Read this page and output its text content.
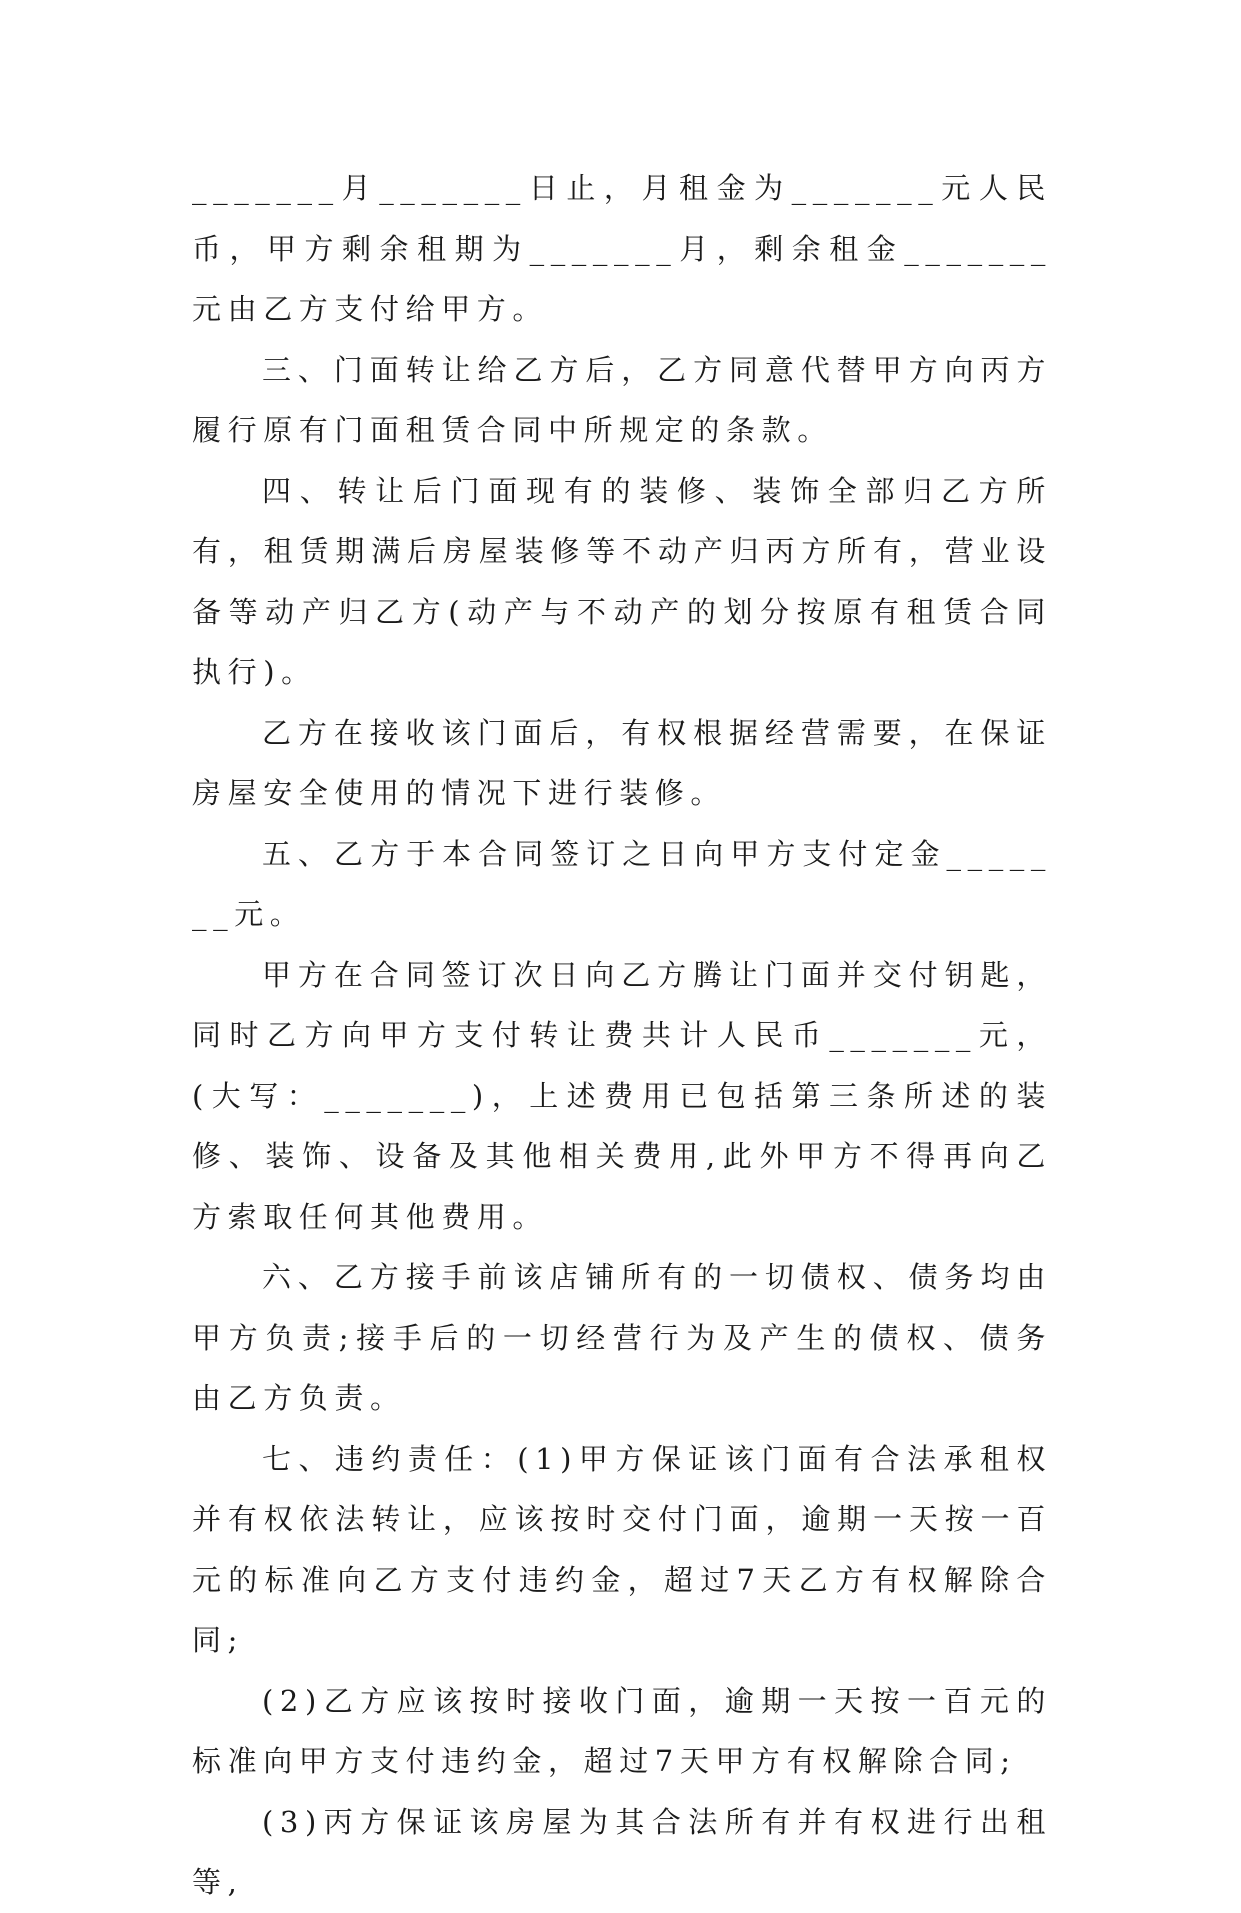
_______月_______日止，月租金为_______元人民币，甲方剩余租期为_______月，剩余租金_______元由乙方支付给甲方。

三、门面转让给乙方后，乙方同意代替甲方向丙方履行原有门面租赁合同中所规定的条款。

四、转让后门面现有的装修、装饰全部归乙方所有，租赁期满后房屋装修等不动产归丙方所有，营业设备等动产归乙方(动产与不动产的划分按原有租赁合同执行)。

乙方在接收该门面后，有权根据经营需要，在保证房屋安全使用的情况下进行装修。

五、乙方于本合同签订之日向甲方支付定金_______元。

甲方在合同签订次日向乙方腾让门面并交付钥匙，同时乙方向甲方支付转让费共计人民币_______元，(大写：_______)，上述费用已包括第三条所述的装修、装饰、设备及其他相关费用,此外甲方不得再向乙方索取任何其他费用。

六、乙方接手前该店铺所有的一切债权、债务均由甲方负责;接手后的一切经营行为及产生的债权、债务由乙方负责。

七、违约责任：(1)甲方保证该门面有合法承租权并有权依法转让，应该按时交付门面，逾期一天按一百元的标准向乙方支付违约金，超过7天乙方有权解除合同;

(2)乙方应该按时接收门面，逾期一天按一百元的标准向甲方支付违约金，超过7天甲方有权解除合同;

(3)丙方保证该房屋为其合法所有并有权进行出租等,
